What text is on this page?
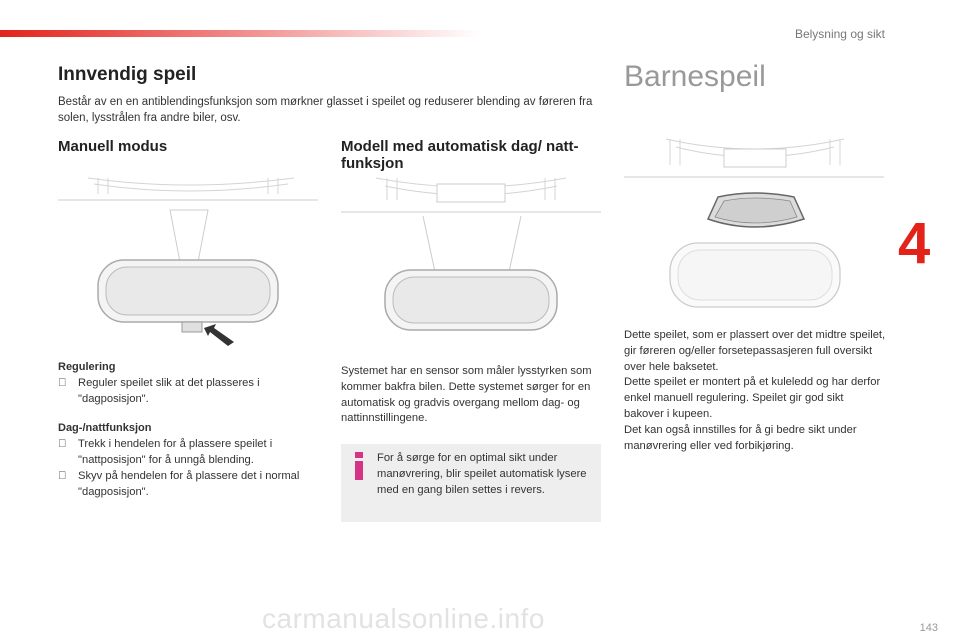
Belysning og sikt
4
Innvendig speil
Består av en en antiblendingsfunksjon som mørkner glasset i speilet og reduserer blending av føreren fra solen, lysstrålen fra andre biler, osv.
Manuell modus	Modell med automatisk dag/ natt-funksjon
Barnespeil
Regulering
Reguler speilet slik at det plasseres i "dagposisjon".
Dag-/nattfunksjon
Trekk i hendelen for å plassere speilet i "nattposisjon" for å unngå blending.
Skyv på hendelen for å plassere det i normal "dagposisjon".
Systemet har en sensor som måler lysstyrken som kommer bakfra bilen. Dette systemet sørger for en automatisk og gradvis overgang mellom dag- og nattinnstillingene.
For å sørge for en optimal sikt under manøvrering, blir speilet automatisk lysere med en gang bilen settes i revers.
Dette speilet, som er plassert over det midtre speilet, gir føreren og/eller forsetepassasjeren full oversikt over hele baksetet.
Dette speilet er montert på et kuleledd og har derfor enkel manuell regulering. Speilet gir god sikt bakover i kupeen.
Det kan også innstilles for å gi bedre sikt under manøvrering eller ved forbikjøring.
143
carmanualsonline.info
